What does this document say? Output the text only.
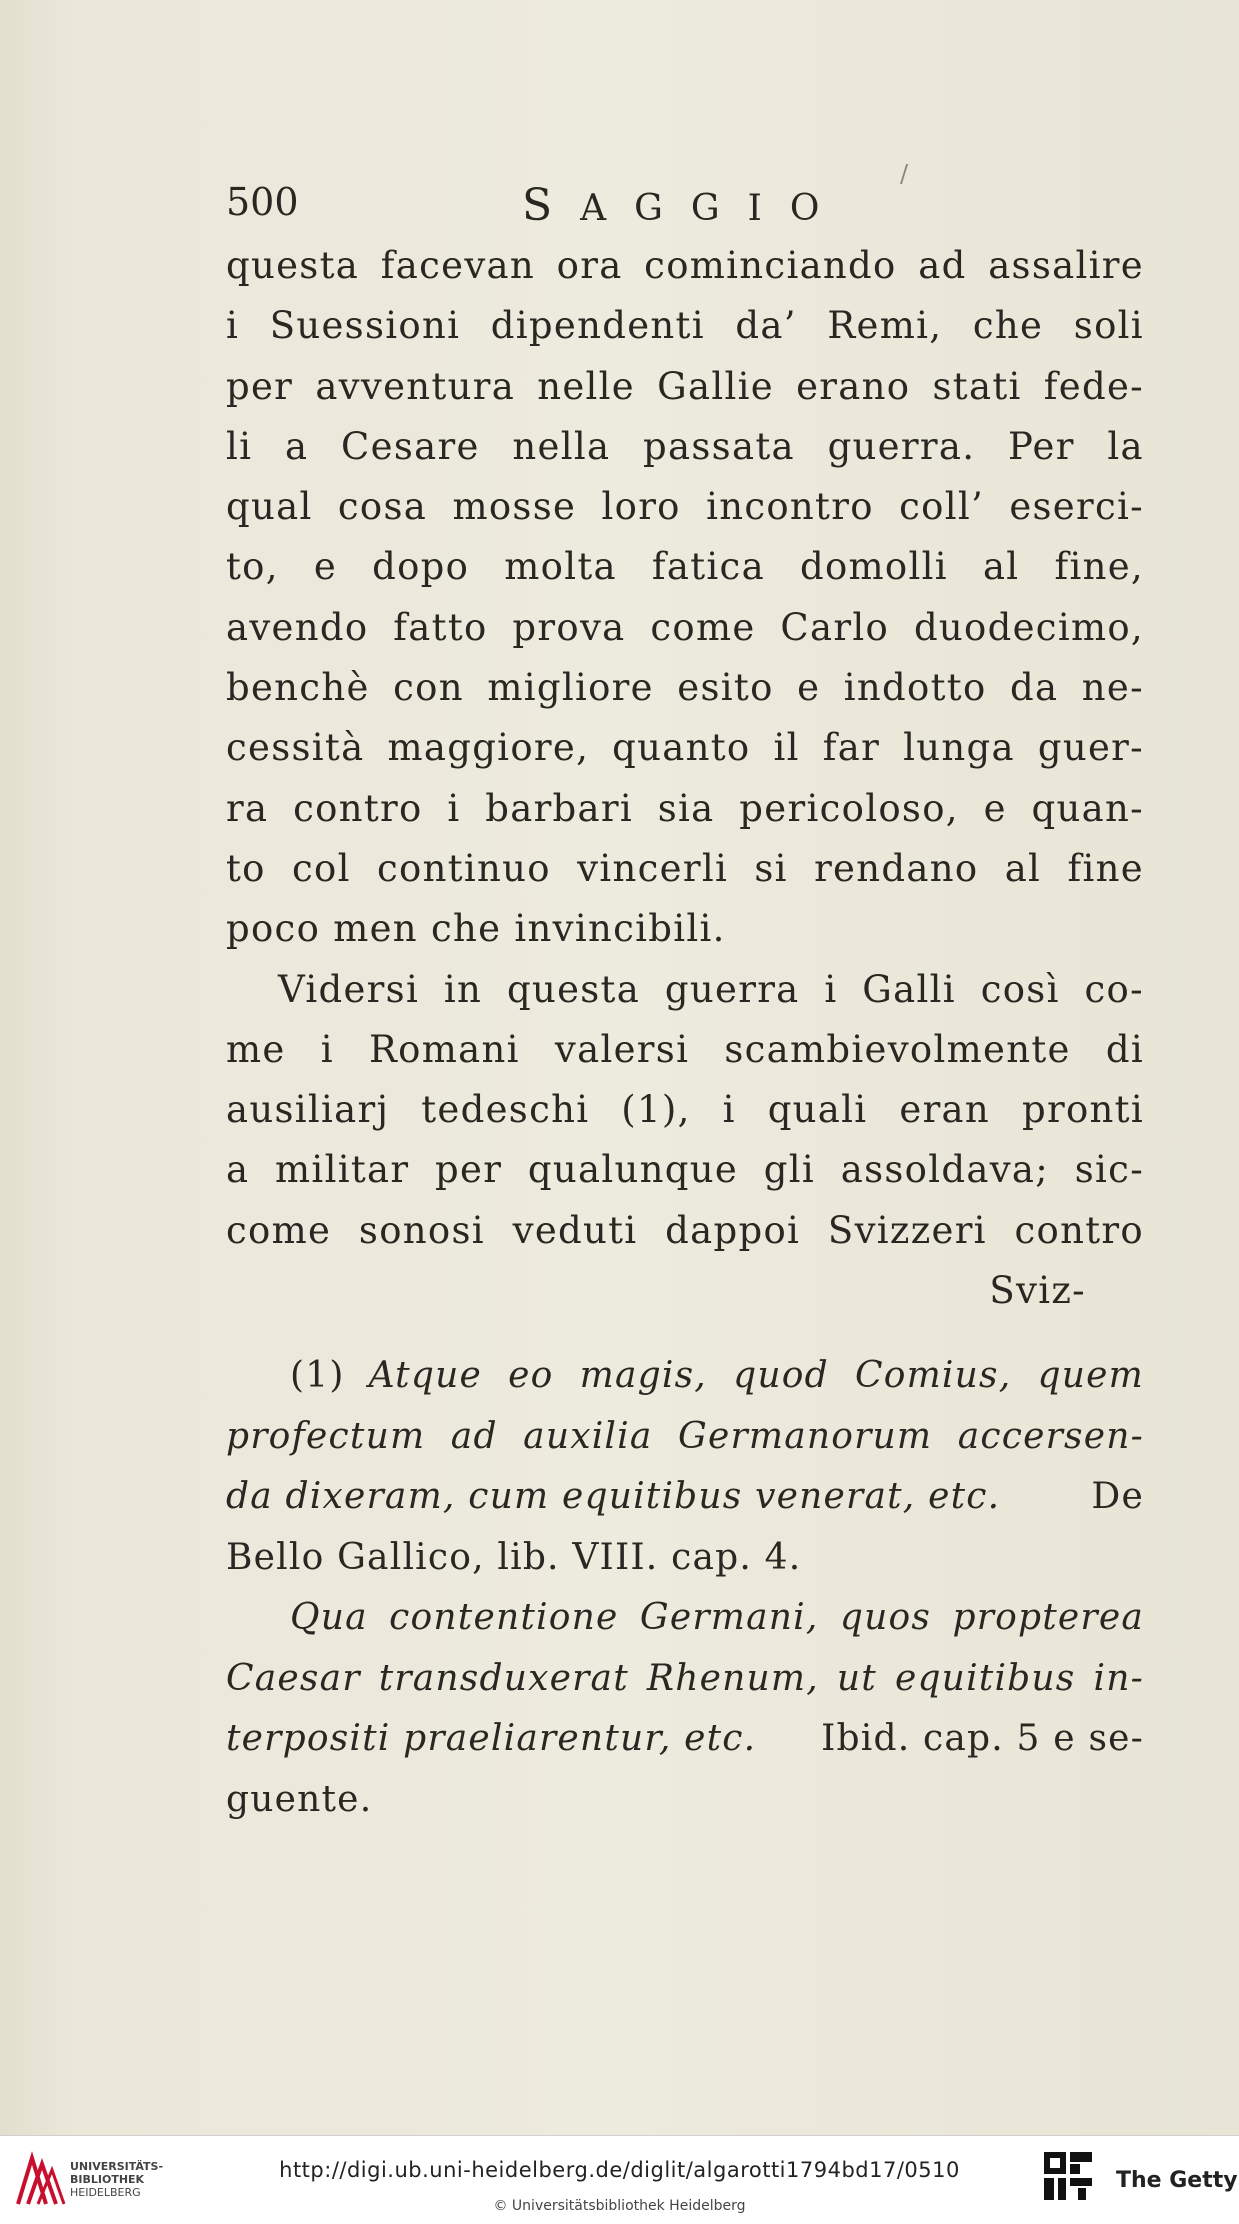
500	SAGGIO
/
questa facevan ora cominciando ad assalire
i Suessioni dipendenti da’ Remi, che soli
per avventura nelle Gallie erano stati fede-
li a Cesare nella passata guerra. Per la
qual cosa mosse loro incontro coll’ eserci-
to, e dopo molta fatica domolli al fine,
avendo fatto prova come Carlo duodecimo,
benchè con migliore esito e indotto da ne-
cessità maggiore, quanto il far lunga guer-
ra contro i barbari sia pericoloso, e quan-
to col continuo vincerli si rendano al fine
poco men che invincibili.
Vidersi in questa guerra i Galli così co-
me i Romani valersi scambievolmente di
ausiliarj tedeschi (1), i quali eran pronti
a militar per qualunque gli assoldava; sic-
come sonosi veduti dappoi Svizzeri contro
Sviz-
(1) Atque eo magis, quod Comius, quem
profectum ad auxilia Germanorum accersen-
da dixeram, cum equitibus venerat, etc.	De
Bello Gallico, lib. VIII. cap. 4.
Qua contentione Germani, quos propterea
Caesar transduxerat Rhenum, ut equitibus in-
terpositi praeliarentur, etc. Ibid. cap. 5 e se-
guente.
UNIVERSITÄTS-
BIBLIOTHEK
HEIDELBERG
http://digi.ub.uni-heidelberg.de/diglit/algarotti1794bd17/0510
© Universitätsbibliothek Heidelberg
The Getty
